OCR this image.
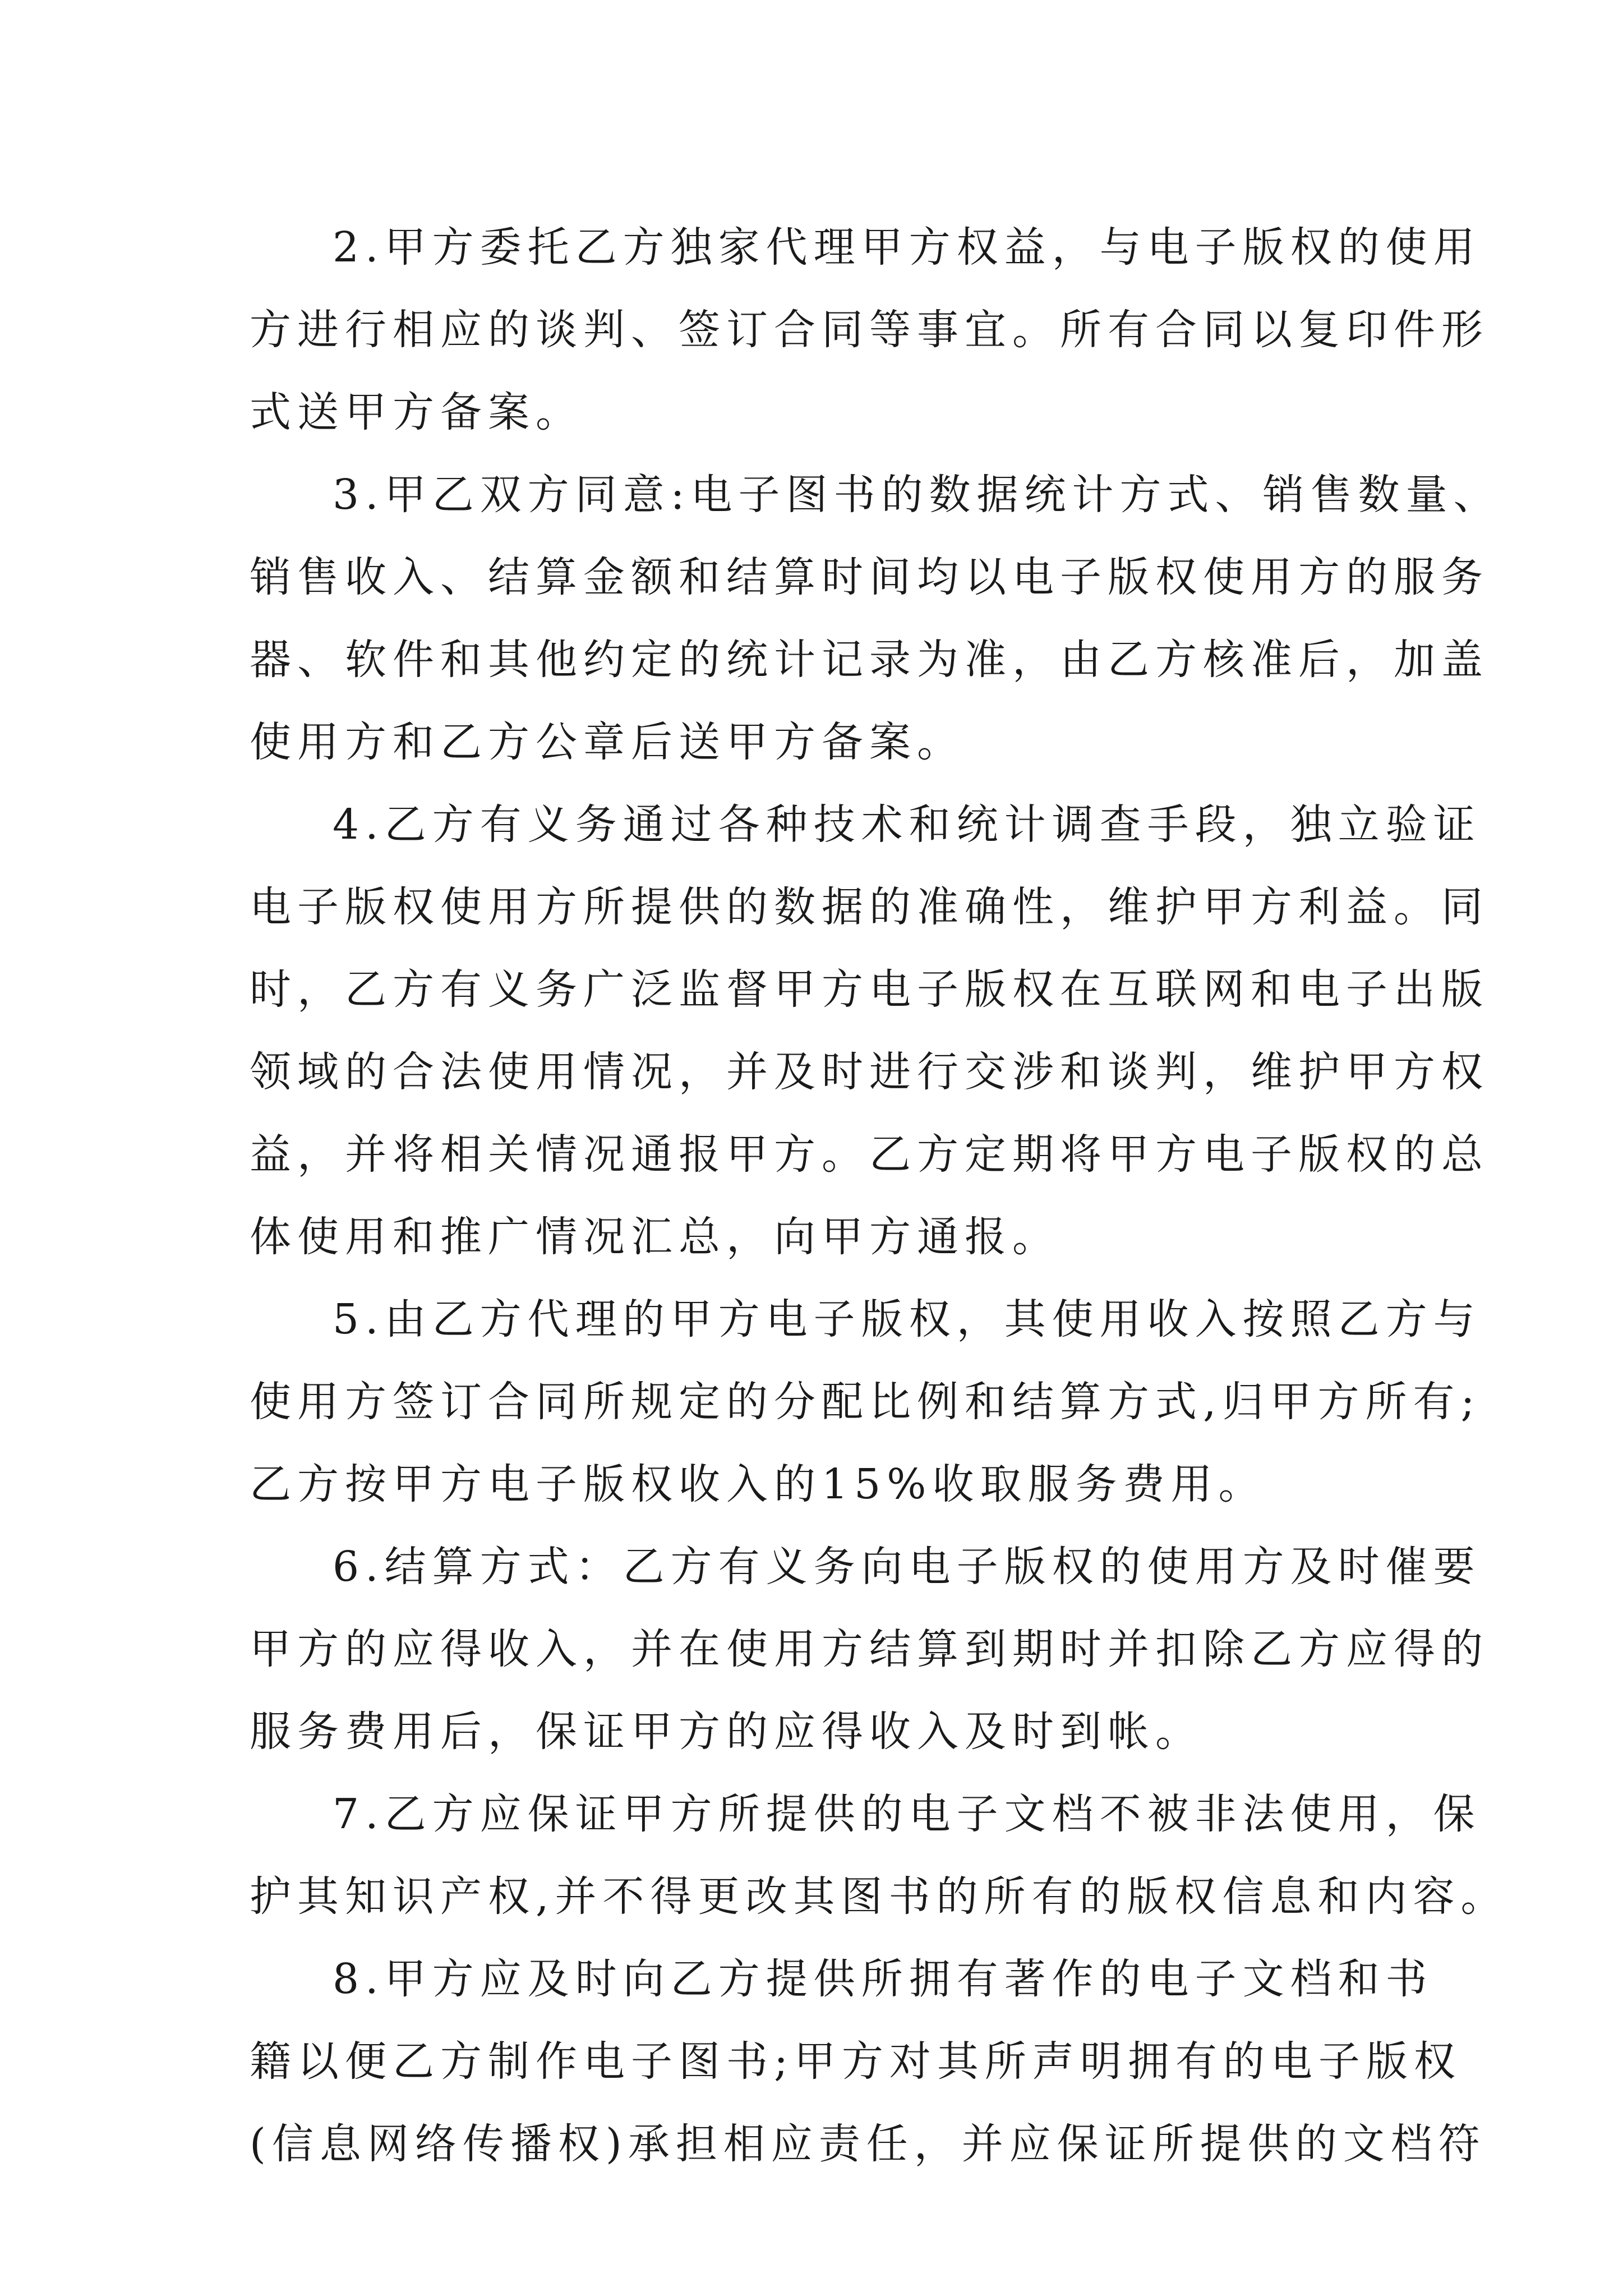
2.甲方委托乙方独家代理甲方权益，与电子版权的使用
方进行相应的谈判、签订合同等事宜。所有合同以复印件形
式送甲方备案。
3.甲乙双方同意:电子图书的数据统计方式、销售数量、
销售收入、结算金额和结算时间均以电子版权使用方的服务
器、软件和其他约定的统计记录为准，由乙方核准后，加盖
使用方和乙方公章后送甲方备案。
4.乙方有义务通过各种技术和统计调查手段，独立验证
电子版权使用方所提供的数据的准确性，维护甲方利益。同
时，乙方有义务广泛监督甲方电子版权在互联网和电子出版
领域的合法使用情况，并及时进行交涉和谈判，维护甲方权
益，并将相关情况通报甲方。乙方定期将甲方电子版权的总
体使用和推广情况汇总，向甲方通报。
5.由乙方代理的甲方电子版权，其使用收入按照乙方与
使用方签订合同所规定的分配比例和结算方式,归甲方所有;
乙方按甲方电子版权收入的15%收取服务费用。
6.结算方式：乙方有义务向电子版权的使用方及时催要
甲方的应得收入，并在使用方结算到期时并扣除乙方应得的
服务费用后，保证甲方的应得收入及时到帐。
7.乙方应保证甲方所提供的电子文档不被非法使用，保
护其知识产权,并不得更改其图书的所有的版权信息和内容。
8.甲方应及时向乙方提供所拥有著作的电子文档和书
籍以便乙方制作电子图书;甲方对其所声明拥有的电子版权
(信息网络传播权)承担相应责任，并应保证所提供的文档符
